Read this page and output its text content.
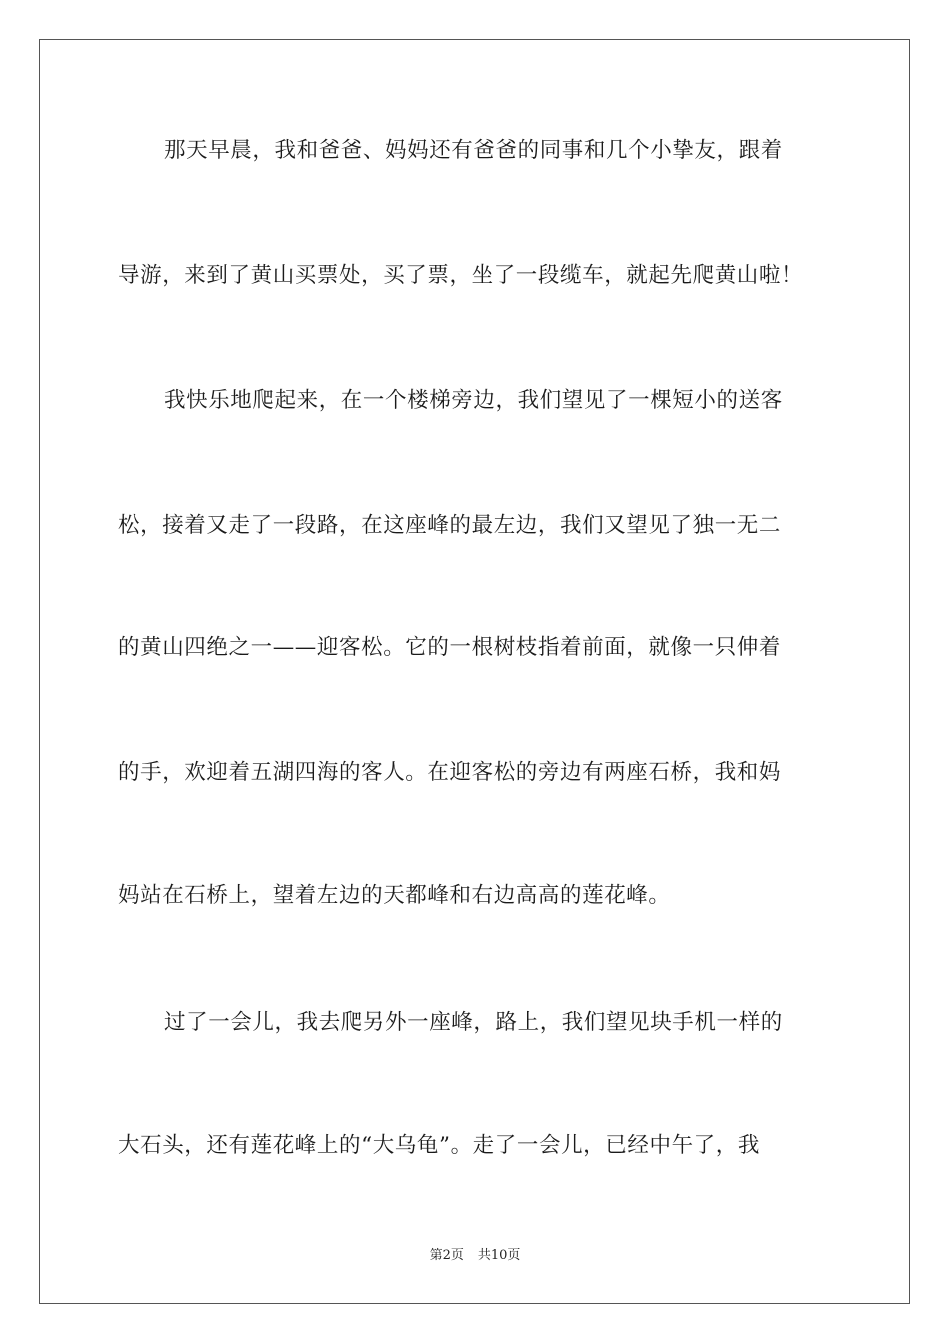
那天早晨，我和爸爸、妈妈还有爸爸的同事和几个小挚友，跟着
导游，来到了黄山买票处，买了票，坐了一段缆车，就起先爬黄山啦！
我快乐地爬起来，在一个楼梯旁边，我们望见了一棵短小的送客
松，接着又走了一段路，在这座峰的最左边，我们又望见了独一无二
的黄山四绝之一——迎客松。它的一根树枝指着前面，就像一只伸着
的手，欢迎着五湖四海的客人。在迎客松的旁边有两座石桥，我和妈
妈站在石桥上，望着左边的天都峰和右边高高的莲花峰。
过了一会儿，我去爬另外一座峰，路上，我们望见块手机一样的
大石头，还有莲花峰上的“大乌龟”。走了一会儿，已经中午了，我
第2页 共10页
